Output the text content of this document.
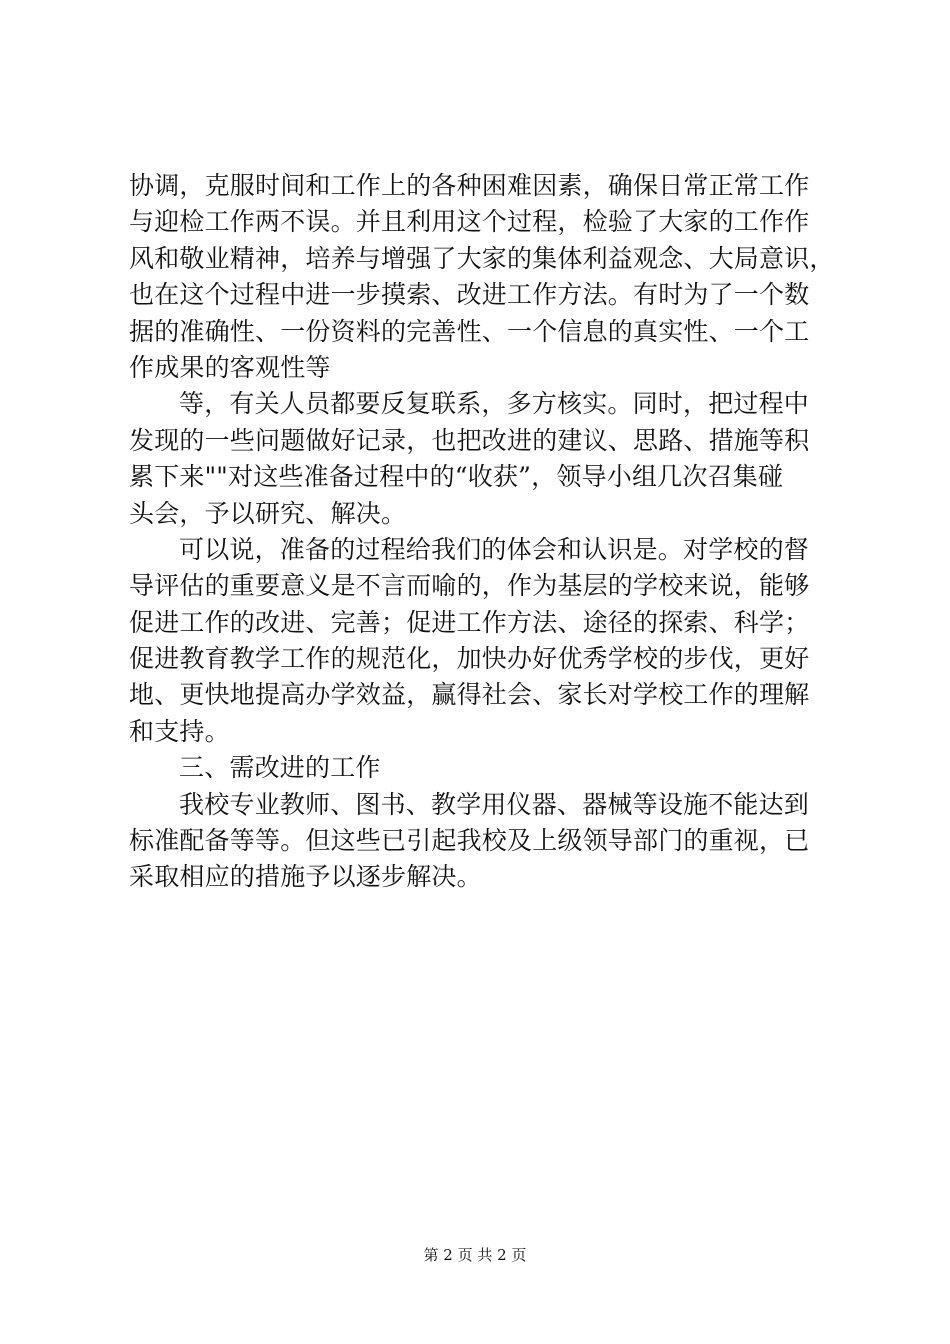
协调，克服时间和工作上的各种困难因素，确保日常正常工作
与迎检工作两不误。并且利用这个过程，检验了大家的工作作
风和敬业精神，培养与增强了大家的集体利益观念、大局意识，
也在这个过程中进一步摸索、改进工作方法。有时为了一个数
据的准确性、一份资料的完善性、一个信息的真实性、一个工
作成果的客观性等
等，有关人员都要反复联系，多方核实。同时，把过程中
发现的一些问题做好记录，也把改进的建议、思路、措施等积
累下来""对这些准备过程中的“收获”，领导小组几次召集碰
头会，予以研究、解决。
可以说，准备的过程给我们的体会和认识是。对学校的督
导评估的重要意义是不言而喻的，作为基层的学校来说，能够
促进工作的改进、完善；促进工作方法、途径的探索、科学；
促进教育教学工作的规范化，加快办好优秀学校的步伐，更好
地、更快地提高办学效益，赢得社会、家长对学校工作的理解
和支持。
三、需改进的工作
我校专业教师、图书、教学用仪器、器械等设施不能达到
标准配备等等。但这些已引起我校及上级领导部门的重视，已
采取相应的措施予以逐步解决。
第 2 页 共 2 页
